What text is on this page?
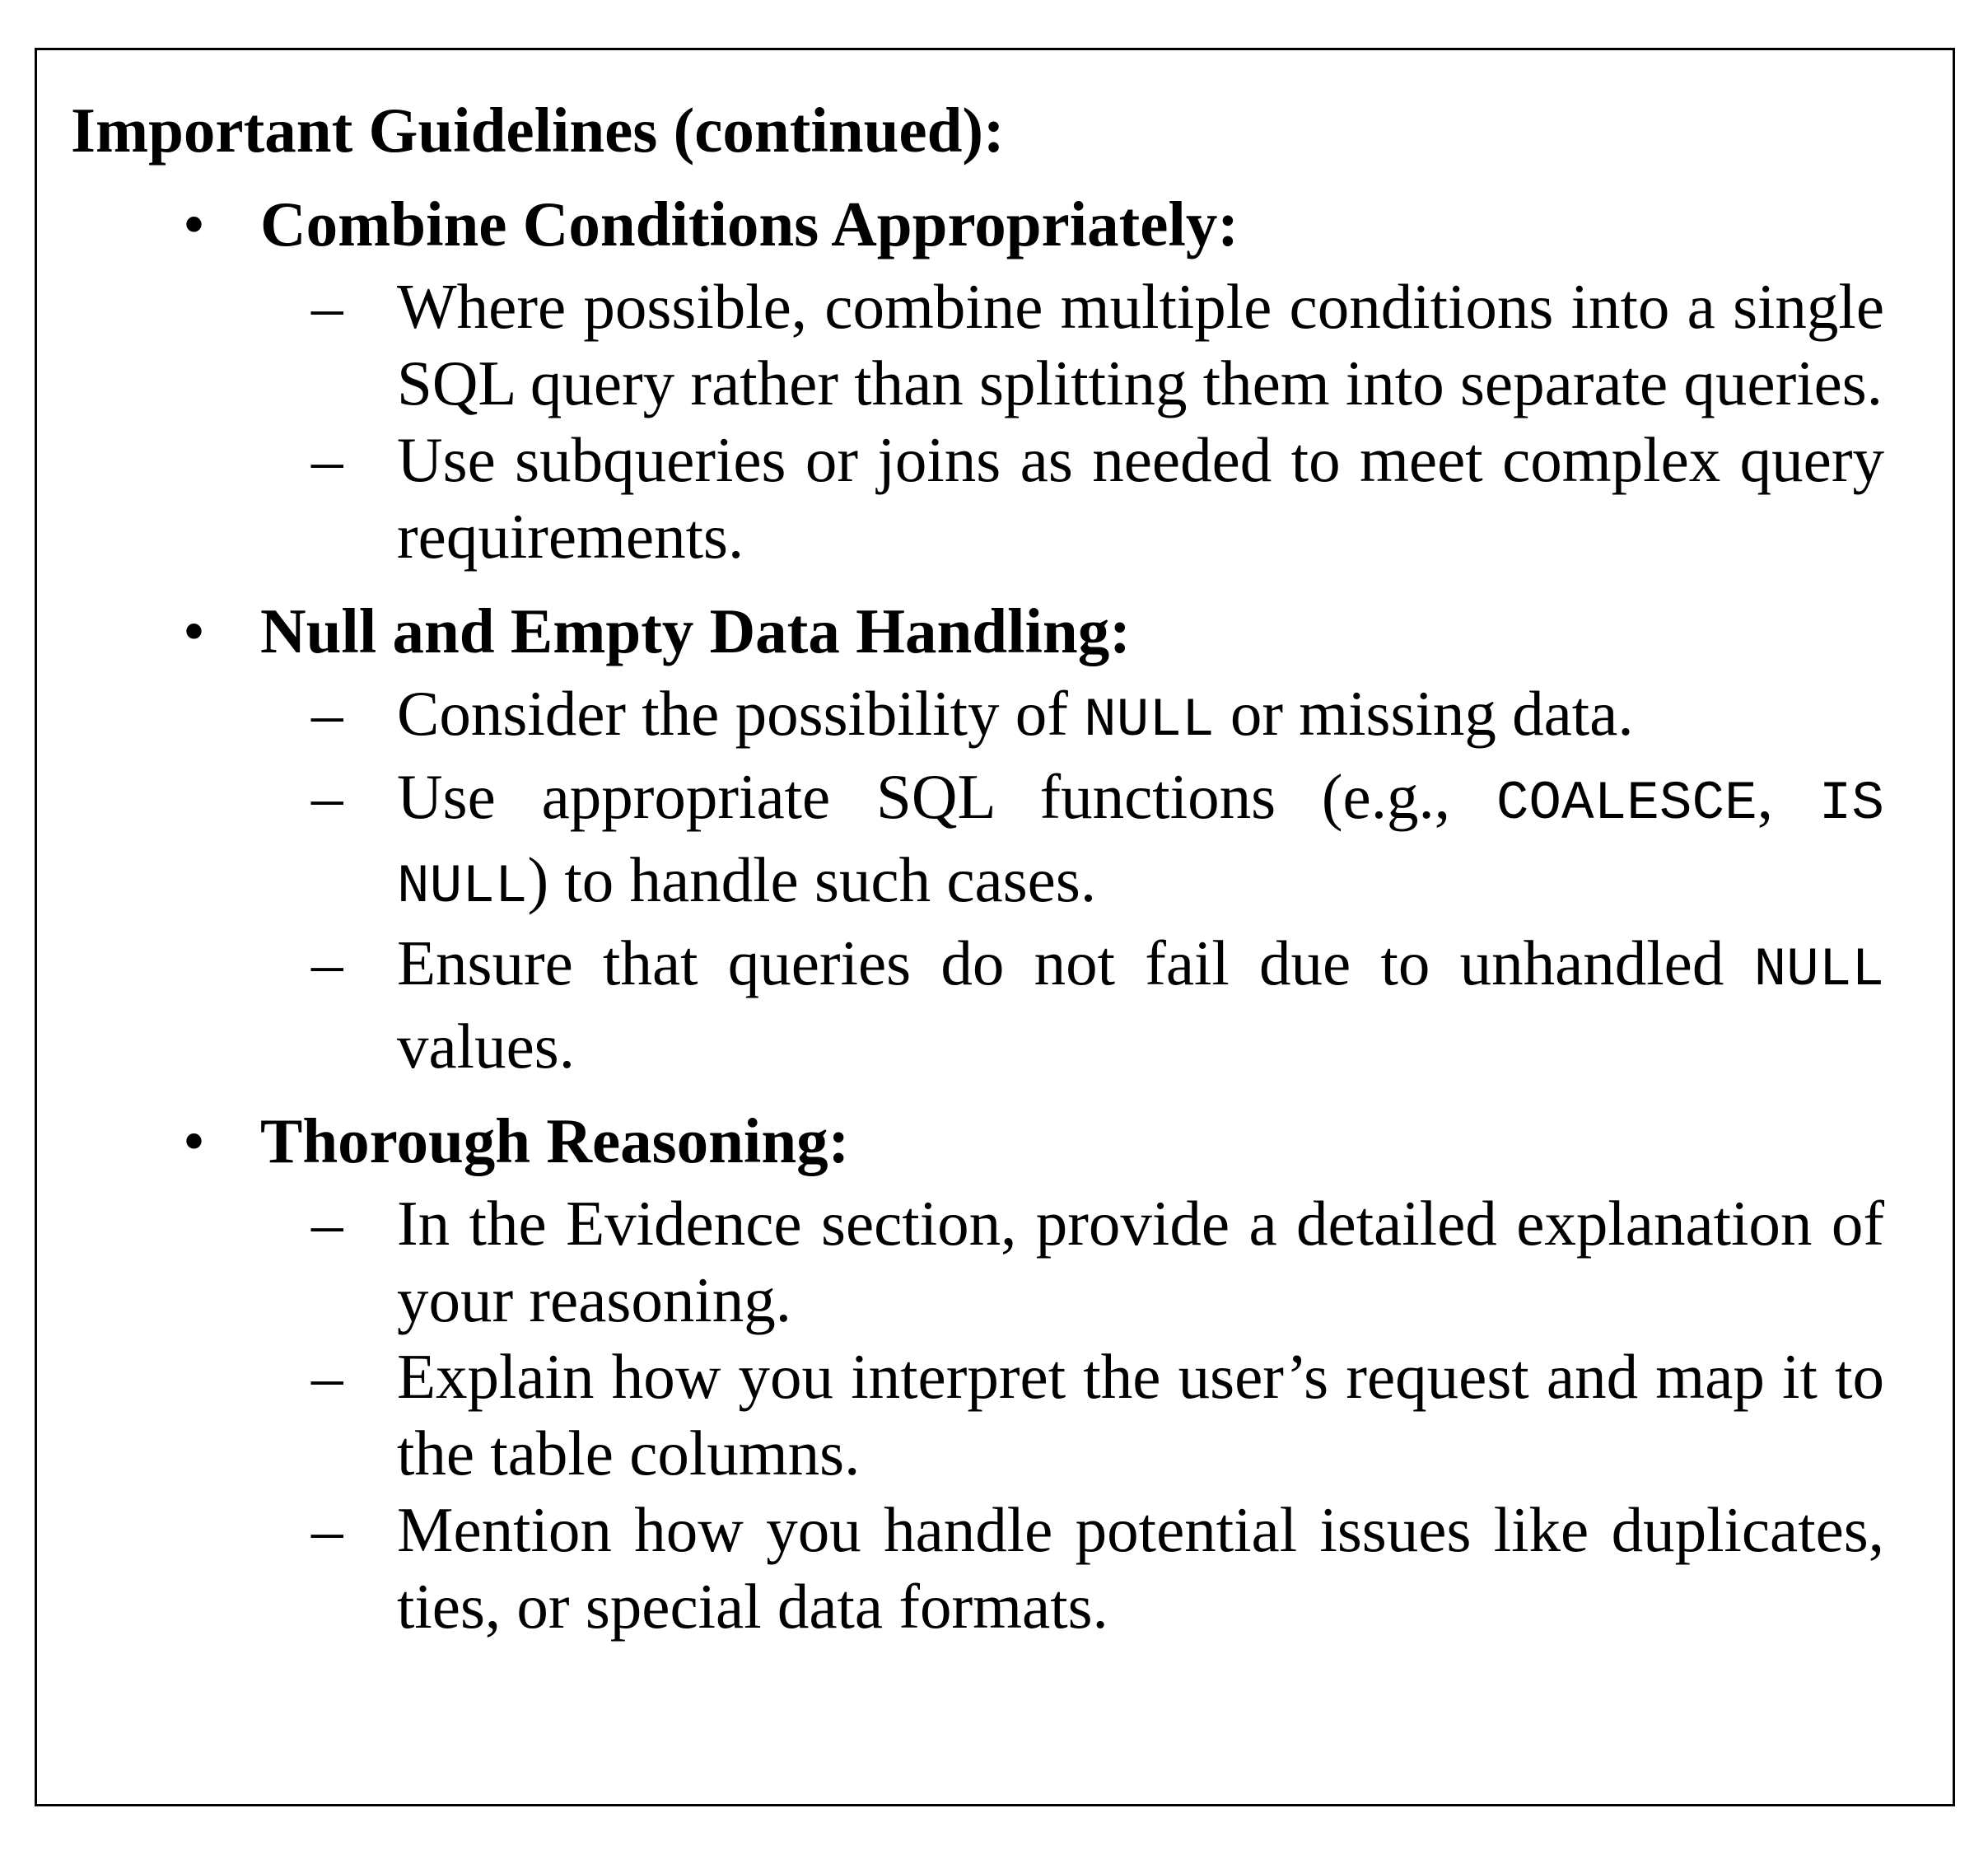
Important Guidelines (continued):

• Combine Conditions Appropriately:
– Where possible, combine multiple conditions into a single SQL query rather than splitting them into separate queries.
– Use subqueries or joins as needed to meet complex query requirements.
• Null and Empty Data Handling:
– Consider the possibility of NULL or missing data.
– Use appropriate SQL functions (e.g., COALESCE, IS NULL) to handle such cases.
– Ensure that queries do not fail due to unhandled NULL values.
• Thorough Reasoning:
– In the Evidence section, provide a detailed explanation of your reasoning.
– Explain how you interpret the user’s request and map it to the table columns.
– Mention how you handle potential issues like duplicates, ties, or special data formats.
